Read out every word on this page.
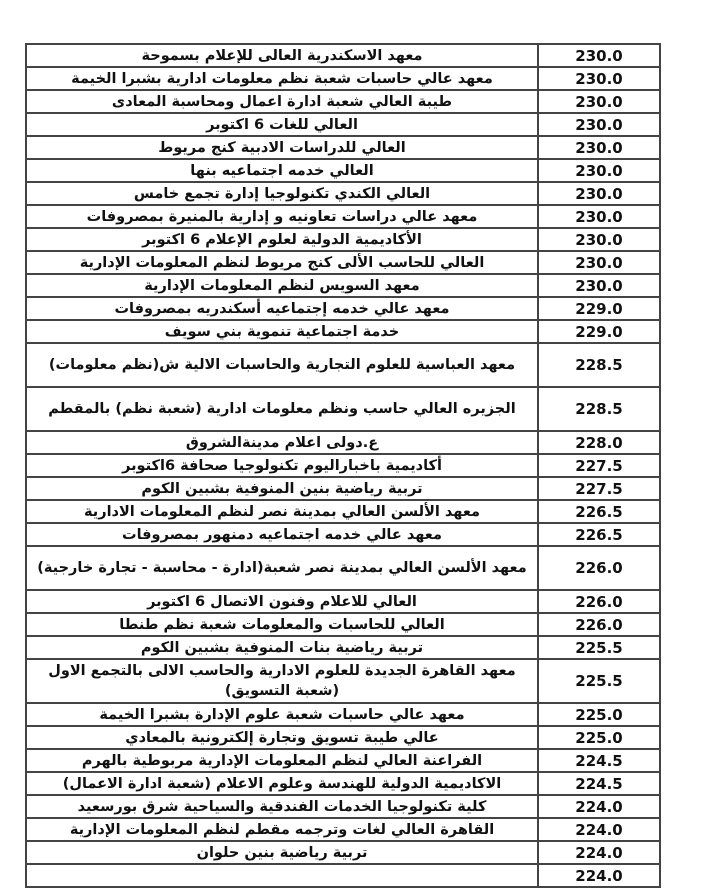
معهد الاسكندرية العالى للإعلام بسموحة	230.0
معهد عالي حاسبات شعبة نظم معلومات ادارية بشبرا الخيمة	230.0
طيبة العالي شعبة ادارة اعمال ومحاسبة المعادى	230.0
العالي للغات 6 اكتوبر	230.0
العالي للدراسات الادبية كنج مريوط	230.0
العالي خدمه اجتماعيه بنها	230.0
العالي الكندي تكنولوجيا إدارة تجمع خامس	230.0
معهد عالي دراسات تعاونيه و إدارية بالمنيرة بمصروفات	230.0
الأكاديمية الدولية لعلوم الإعلام 6 اكتوبر	230.0
العالي للحاسب الألى كنج مريوط لنظم المعلومات الإدارية	230.0
معهد السويس لنظم المعلومات الإدارية	230.0
معهد عالي خدمه إجتماعيه أسكندريه بمصروفات	229.0
خدمة اجتماعية تنموية بني سويف	229.0
معهد العباسية للعلوم التجارية والحاسبات الالية ش(نظم معلومات)	228.5
الجزيره العالي حاسب ونظم معلومات ادارية (شعبة نظم) بالمقطم	228.5
ع.دولى اعلام مدينةالشروق	228.0
أكاديمية باخباراليوم تكنولوجيا صحافة 6اكتوبر	227.5
تربية رياضية بنين المنوفية بشبين الكوم	227.5
معهد الألسن العالي بمدينة نصر لنظم المعلومات الادارية	226.5
معهد عالي خدمه اجتماعيه دمنهور بمصروفات	226.5
معهد الألسن العالي بمدينة نصر شعبة(ادارة - محاسبة - تجارة خارجية)	226.0
العالي للاعلام وفنون الاتصال 6 اكتوبر	226.0
العالي للحاسبات والمعلومات شعبة نظم طنطا	226.0
تربية رياضية بنات المنوفية بشبين الكوم	225.5
معهد القاهرة الجديدة للعلوم الادارية والحاسب الالى بالتجمع الاول (شعبة التسويق)	225.5
معهد عالي حاسبات شعبة علوم الإدارة بشبرا الخيمة	225.0
عالي طيبة تسويق وتجارة إلكترونية بالمعادي	225.0
الفراعنة العالي لنظم المعلومات الإدارية مربوطية بالهرم	224.5
الاكاديمية الدولية للهندسة وعلوم الاعلام (شعبة ادارة الاعمال)	224.5
كلية تكنولوجيا الخدمات الفندقية والسياحية شرق بورسعيد	224.0
القاهرة العالي لغات وترجمه مقطم لنظم المعلومات الإدارية	224.0
تربية رياضية بنين حلوان	224.0
	224.0
